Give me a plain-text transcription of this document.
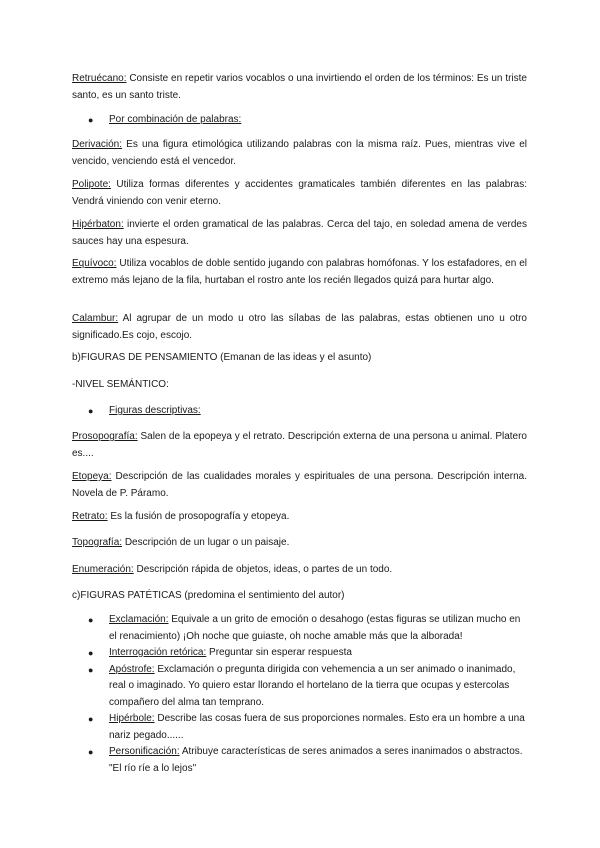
Retruécano: Consiste en repetir varios vocablos o una invirtiendo el orden de los términos: Es un triste santo, es un santo triste.

●	Por combinación de palabras:

Derivación: Es una figura etimológica utilizando palabras con la misma raíz. Pues, mientras vive el vencido, venciendo está el vencedor.

Polipote: Utiliza formas diferentes y accidentes gramaticales también diferentes en las palabras: Vendrá viniendo con venir eterno.

Hipérbaton: invierte el orden gramatical de las palabras. Cerca del tajo, en soledad amena de verdes sauces hay una espesura.

Equívoco: Utiliza vocablos de doble sentido jugando con palabras homófonas. Y los estafadores, en el extremo más lejano de la fila, hurtaban el rostro ante los recién llegados quizá para hurtar algo.

Calambur: Al agrupar de un modo u otro las sílabas de las palabras, estas obtienen uno u otro significado.Es cojo, escojo.

b)FIGURAS DE PENSAMIENTO (Emanan de las ideas y el asunto)

-NIVEL SEMÁNTICO:

●	Figuras descriptivas:

Prosopografía: Salen de la epopeya y el retrato. Descripción externa de una persona u animal. Platero es....

Etopeya: Descripción de las cualidades morales y espirituales de una persona. Descripción interna. Novela de P. Páramo.

Retrato: Es la fusión de prosopografía y etopeya.

Topografía: Descripción de un lugar o un paisaje.

Enumeración: Descripción rápida de objetos, ideas, o partes de un todo.

c)FIGURAS PATÉTICAS (predomina el sentimiento del autor)

●	Exclamación: Equivale a un grito de emoción o desahogo (estas figuras se utilizan mucho en el renacimiento) ¡Oh noche que guiaste, oh noche amable más que la alborada!
●	Interrogación retórica: Preguntar sin esperar respuesta
●	Apóstrofe: Exclamación o pregunta dirigida con vehemencia a un ser animado o inanimado, real o imaginado. Yo quiero estar llorando el hortelano de la tierra que ocupas y estercolas compañero del alma tan temprano.
●	Hipérbole: Describe las cosas fuera de sus proporciones normales. Esto era un hombre a una nariz pegado......
●	Personificación: Atribuye características de seres animados a seres inanimados o abstractos. "El río ríe a lo lejos"
